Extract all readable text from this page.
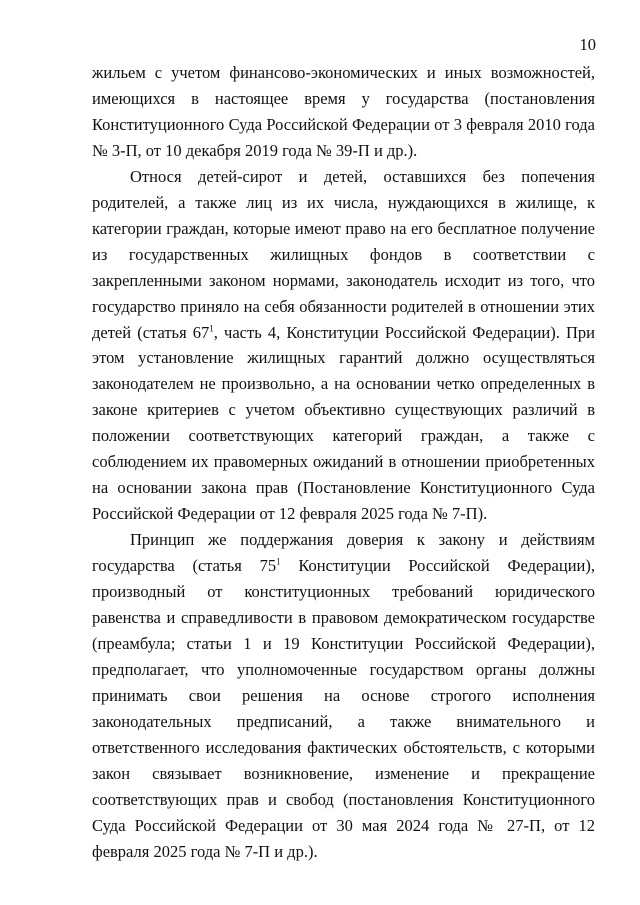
10

жильем с учетом финансово-экономических и иных возможностей, имеющихся в настоящее время у государства (постановления Конституционного Суда Российской Федерации от 3 февраля 2010 года № 3-П, от 10 декабря 2019 года № 39-П и др.).

Относя детей-сирот и детей, оставшихся без попечения родителей, а также лиц из их числа, нуждающихся в жилище, к категории граждан, которые имеют право на его бесплатное получение из государственных жилищных фондов в соответствии с закрепленными законом нормами, законодатель исходит из того, что государство приняло на себя обязанности родителей в отношении этих детей (статья $67^1$, часть 4, Конституции Российской Федерации). При этом установление жилищных гарантий должно осуществляться законодателем не произвольно, а на основании четко определенных в законе критериев с учетом объективно существующих различий в положении соответствующих категорий граждан, а также с соблюдением их правомерных ожиданий в отношении приобретенных на основании закона прав (Постановление Конституционного Суда Российской Федерации от 12 февраля 2025 года № 7-П).

Принцип же поддержания доверия к закону и действиям государства (статья $75^1$ Конституции Российской Федерации), производный от конституционных требований юридического равенства и справедливости в правовом демократическом государстве (преамбула; статьи 1 и 19 Конституции Российской Федерации), предполагает, что уполномоченные государством органы должны принимать свои решения на основе строгого исполнения законодательных предписаний, а также внимательного и ответственного исследования фактических обстоятельств, с которыми закон связывает возникновение, изменение и прекращение соответствующих прав и свобод (постановления Конституционного Суда Российской Федерации от 30 мая 2024 года № 27-П, от 12 февраля 2025 года № 7-П и др.).
